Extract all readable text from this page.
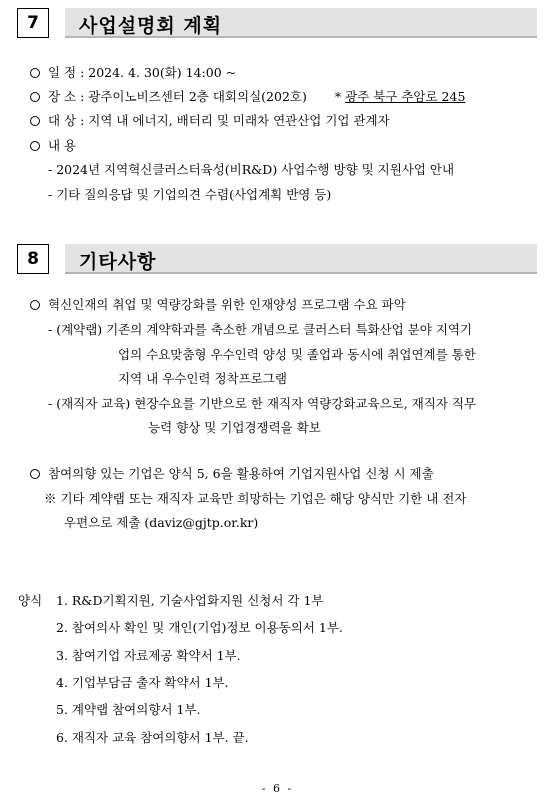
7	사업설명회 계획
일 정 : 2024. 4. 30(화) 14:00 ~
장 소 : 광주이노비즈센터 2층 대회의실(202호) * 광주 북구 추암로 245
대 상 : 지역 내 에너지, 배터리 및 미래차 연관산업 기업 관계자
내 용
- 2024년 지역혁신클러스터육성(비R&D) 사업수행 방향 및 지원사업 안내
- 기타 질의응답 및 기업의견 수렴(사업계획 반영 등)
8	기타사항
혁신인재의 취업 및 역량강화를 위한 인재양성 프로그램 수요 파악
- (계약랩) 기존의 계약학과를 축소한 개념으로 클러스터 특화산업 분야 지역기
업의 수요맞춤형 우수인력 양성 및 졸업과 동시에 취업연계를 통한
지역 내 우수인력 정착프로그램
- (재직자 교육) 현장수요를 기반으로 한 재직자 역량강화교육으로, 재직자 직무
능력 향상 및 기업경쟁력을 확보
참여의향 있는 기업은 양식 5, 6을 활용하여 기업지원사업 신청 시 제출
※ 기타 계약랩 또는 재직자 교육만 희망하는 기업은 해당 양식만 기한 내 전자
우편으로 제출 (daviz@gjtp.or.kr)
양식 1. R&D기획지원, 기술사업화지원 신청서 각 1부
2. 참여의사 확인 및 개인(기업)정보 이용동의서 1부.
3. 참여기업 자료제공 확약서 1부.
4. 기업부담금 출자 확약서 1부.
5. 계약랩 참여의향서 1부.
6. 재직자 교육 참여의향서 1부. 끝.
- 6 -
